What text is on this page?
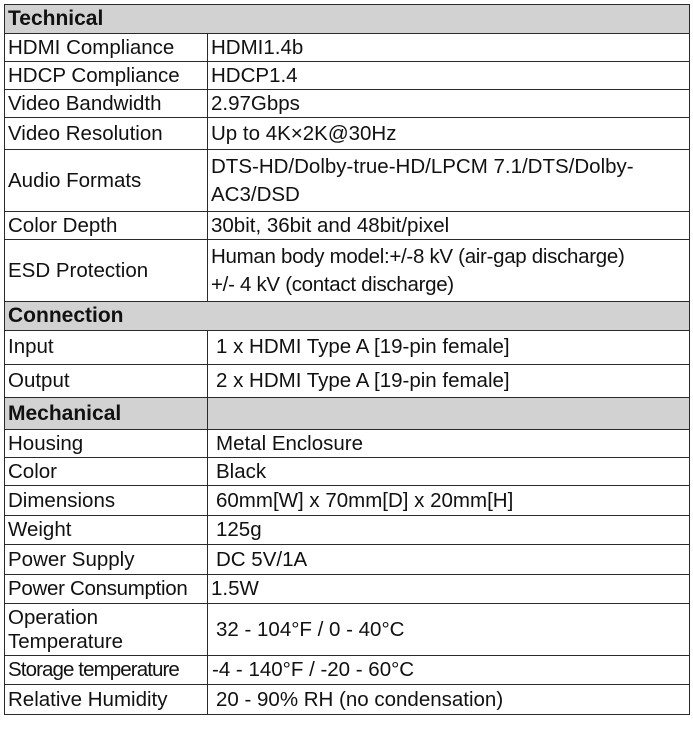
Technical	
HDMI Compliance	HDMI1.4b
HDCP Compliance	HDCP1.4
Video Bandwidth	2.97Gbps
Video Resolution	Up to 4K×2K@30Hz
Audio Formats	DTS-HD/Dolby-true-HD/LPCM 7.1/DTS/Dolby-
AC3/DSD

Color Depth	30bit, 36bit and 48bit/pixel
ESD Protection	Human body model:+/-8 kV (air-gap discharge)
+/- 4 kV (contact discharge)
Connection	
Input	1 x HDMI Type A [19-pin female]
Output	2 x HDMI Type A [19-pin female]
Mechanical	
Housing	Metal Enclosure
Color	Black
Dimensions	60mm[W] x 70mm[D] x 20mm[H]
Weight	125g
Power Supply	DC 5V/1A
Power Consumption	1.5W

Operation
Temperature	32 - 104°F / 0 - 40°C
Storage temperature	-4 - 140°F / -20 - 60°C
Relative Humidity	20 - 90% RH (no condensation)
